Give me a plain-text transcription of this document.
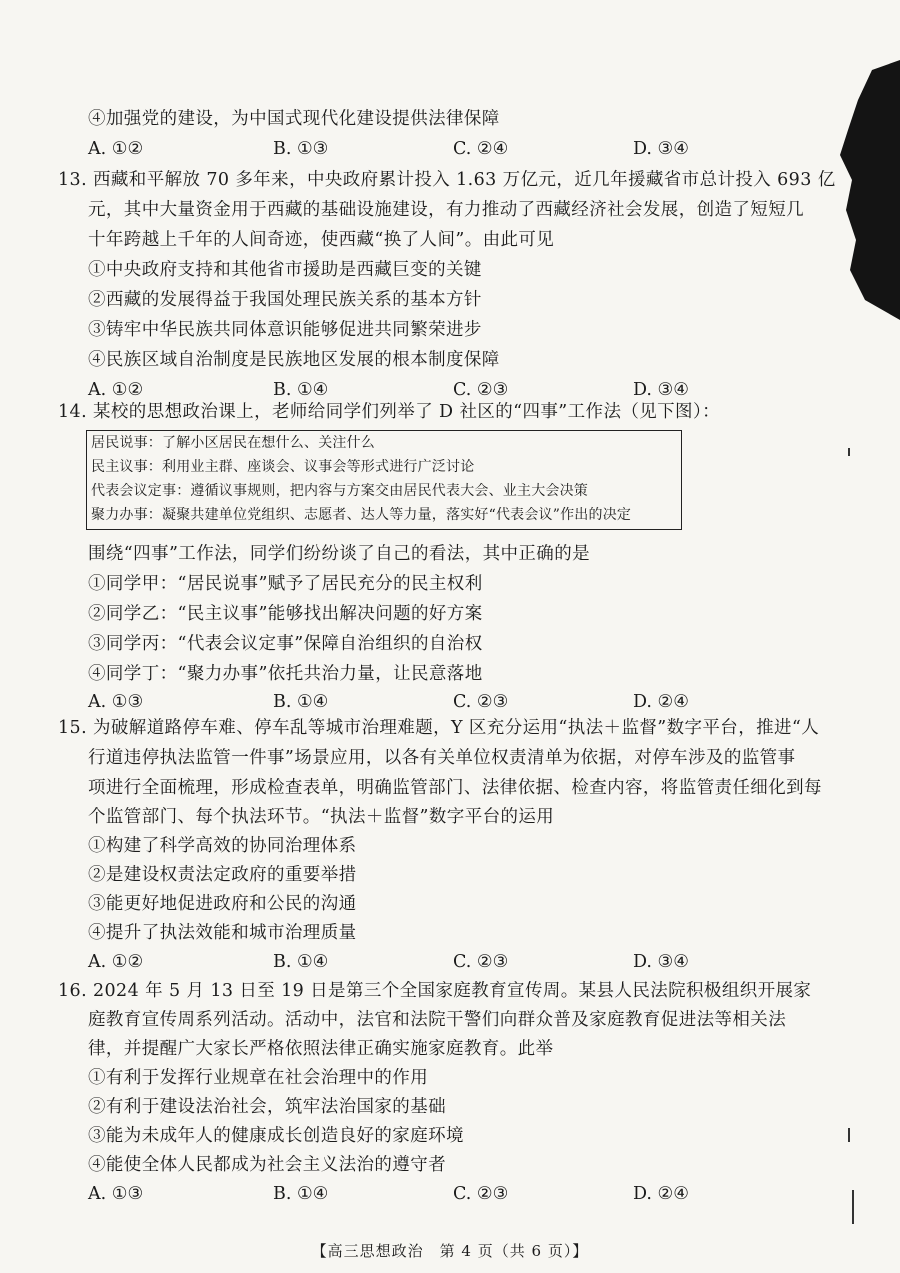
④加强党的建设，为中国式现代化建设提供法律保障
A. ①②	B. ①③	C. ②④	D. ③④
13. 西藏和平解放 70 多年来，中央政府累计投入 1.63 万亿元，近几年援藏省市总计投入 693 亿
元，其中大量资金用于西藏的基础设施建设，有力推动了西藏经济社会发展，创造了短短几
十年跨越上千年的人间奇迹，使西藏“换了人间”。由此可见
①中央政府支持和其他省市援助是西藏巨变的关键
②西藏的发展得益于我国处理民族关系的基本方针
③铸牢中华民族共同体意识能够促进共同繁荣进步
④民族区域自治制度是民族地区发展的根本制度保障
A. ①②	B. ①④	C. ②③	D. ③④
14. 某校的思想政治课上，老师给同学们列举了 D 社区的“四事”工作法（见下图）：
居民说事：了解小区居民在想什么、关注什么
民主议事：利用业主群、座谈会、议事会等形式进行广泛讨论
代表会议定事：遵循议事规则，把内容与方案交由居民代表大会、业主大会决策
聚力办事：凝聚共建单位党组织、志愿者、达人等力量，落实好“代表会议”作出的决定
围绕“四事”工作法，同学们纷纷谈了自己的看法，其中正确的是
①同学甲：“居民说事”赋予了居民充分的民主权利
②同学乙：“民主议事”能够找出解决问题的好方案
③同学丙：“代表会议定事”保障自治组织的自治权
④同学丁：“聚力办事”依托共治力量，让民意落地
A. ①③	B. ①④	C. ②③	D. ②④
15. 为破解道路停车难、停车乱等城市治理难题，Y 区充分运用“执法＋监督”数字平台，推进“人
行道违停执法监管一件事”场景应用，以各有关单位权责清单为依据，对停车涉及的监管事
项进行全面梳理，形成检查表单，明确监管部门、法律依据、检查内容，将监管责任细化到每
个监管部门、每个执法环节。“执法＋监督”数字平台的运用
①构建了科学高效的协同治理体系
②是建设权责法定政府的重要举措
③能更好地促进政府和公民的沟通
④提升了执法效能和城市治理质量
A. ①②	B. ①④	C. ②③	D. ③④
16. 2024 年 5 月 13 日至 19 日是第三个全国家庭教育宣传周。某县人民法院积极组织开展家
庭教育宣传周系列活动。活动中，法官和法院干警们向群众普及家庭教育促进法等相关法
律，并提醒广大家长严格依照法律正确实施家庭教育。此举
①有利于发挥行业规章在社会治理中的作用
②有利于建设法治社会，筑牢法治国家的基础
③能为未成年人的健康成长创造良好的家庭环境
④能使全体人民都成为社会主义法治的遵守者
A. ①③	B. ①④	C. ②③	D. ②④
【高三思想政治　第 4 页（共 6 页）】
